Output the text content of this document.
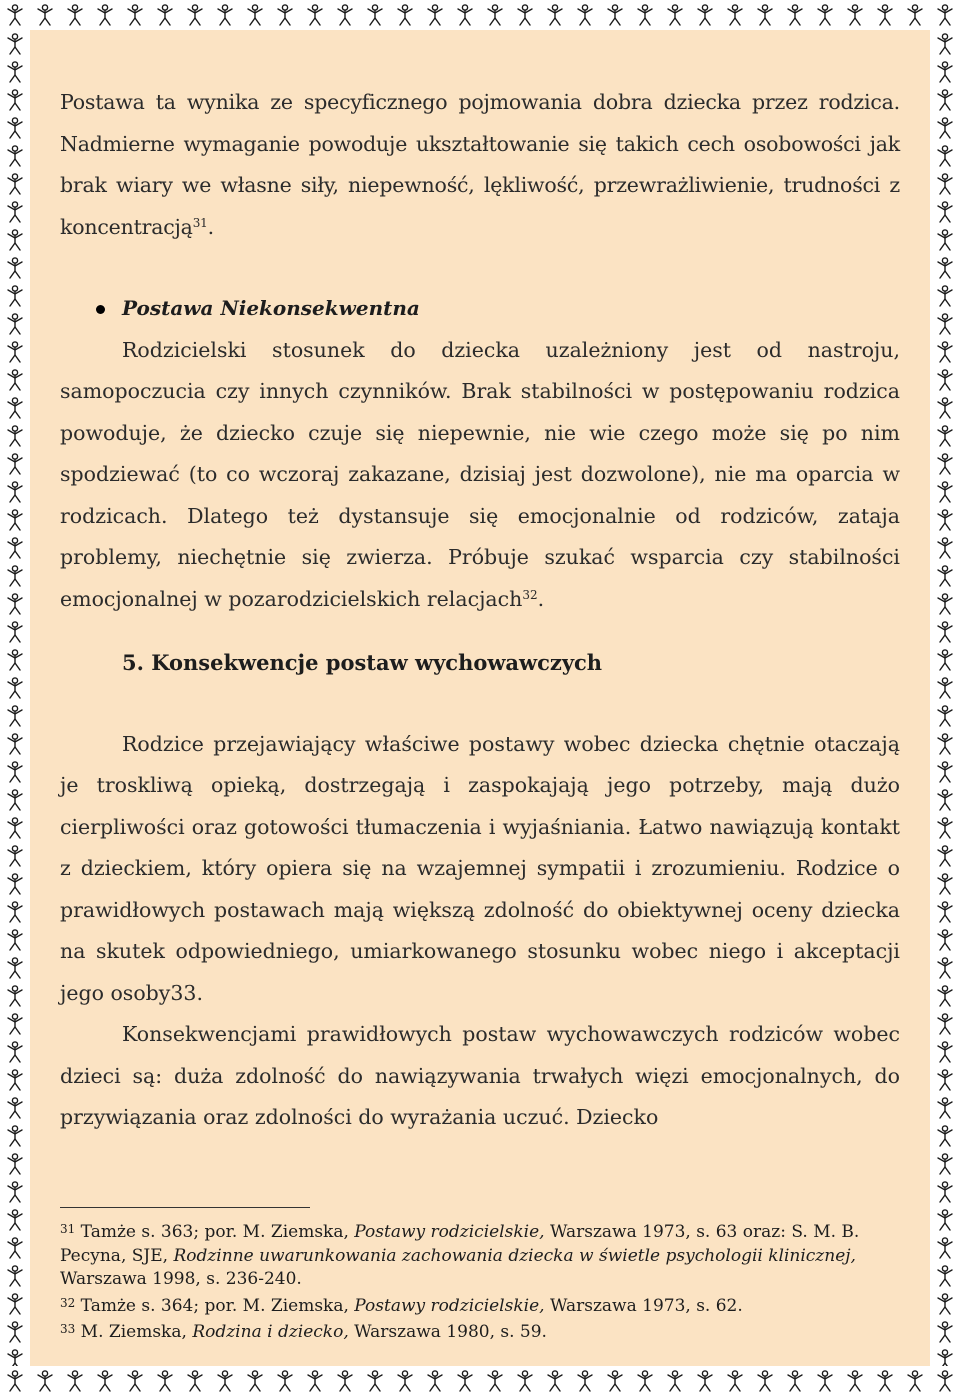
Postawa ta wynika ze specyficznego pojmowania dobra dziecka przez rodzica. Nadmierne wymaganie powoduje ukształtowanie się takich cech osobowości jak brak wiary we własne siły, niepewność, lękliwość, przewrażliwienie, trudności z koncentracją$^{31}$.

Postawa Niekonsekwentna

Rodzicielski stosunek do dziecka uzależniony jest od nastroju, samopoczucia czy innych czynników. Brak stabilności w postępowaniu rodzica powoduje, że dziecko czuje się niepewnie, nie wie czego może się po nim spodziewać (to co wczoraj zakazane, dzisiaj jest dozwolone), nie ma oparcia w rodzicach. Dlatego też dystansuje się emocjonalnie od rodziców, zataja problemy, niechętnie się zwierza. Próbuje szukać wsparcia czy stabilności emocjonalnej w pozarodzicielskich relacjach$^{32}$.

5. Konsekwencje postaw wychowawczych

Rodzice przejawiający właściwe postawy wobec dziecka chętnie otaczają je troskliwą opieką, dostrzegają i zaspokajają jego potrzeby, mają dużo cierpliwości oraz gotowości tłumaczenia i wyjaśniania. Łatwo nawiązują kontakt z dzieckiem, który opiera się na wzajemnej sympatii i zrozumieniu. Rodzice o prawidłowych postawach mają większą zdolność do obiektywnej oceny dziecka na skutek odpowiedniego, umiarkowanego stosunku wobec niego i akceptacji jego osoby33.

Konsekwencjami prawidłowych postaw wychowawczych rodziców wobec dzieci są: duża zdolność do nawiązywania trwałych więzi emocjonalnych, do przywiązania oraz zdolności do wyrażania uczuć. Dziecko

$^{31}$ Tamże s. 363; por. M. Ziemska, Postawy rodzicielskie, Warszawa 1973, s. 63 oraz: S. M. B. Pecyna, SJE, Rodzinne uwarunkowania zachowania dziecka w świetle psychologii klinicznej, Warszawa 1998, s. 236-240.

$^{32}$ Tamże s. 364; por. M. Ziemska, Postawy rodzicielskie, Warszawa 1973, s. 62.

$^{33}$ M. Ziemska, Rodzina i dziecko, Warszawa 1980, s. 59.
